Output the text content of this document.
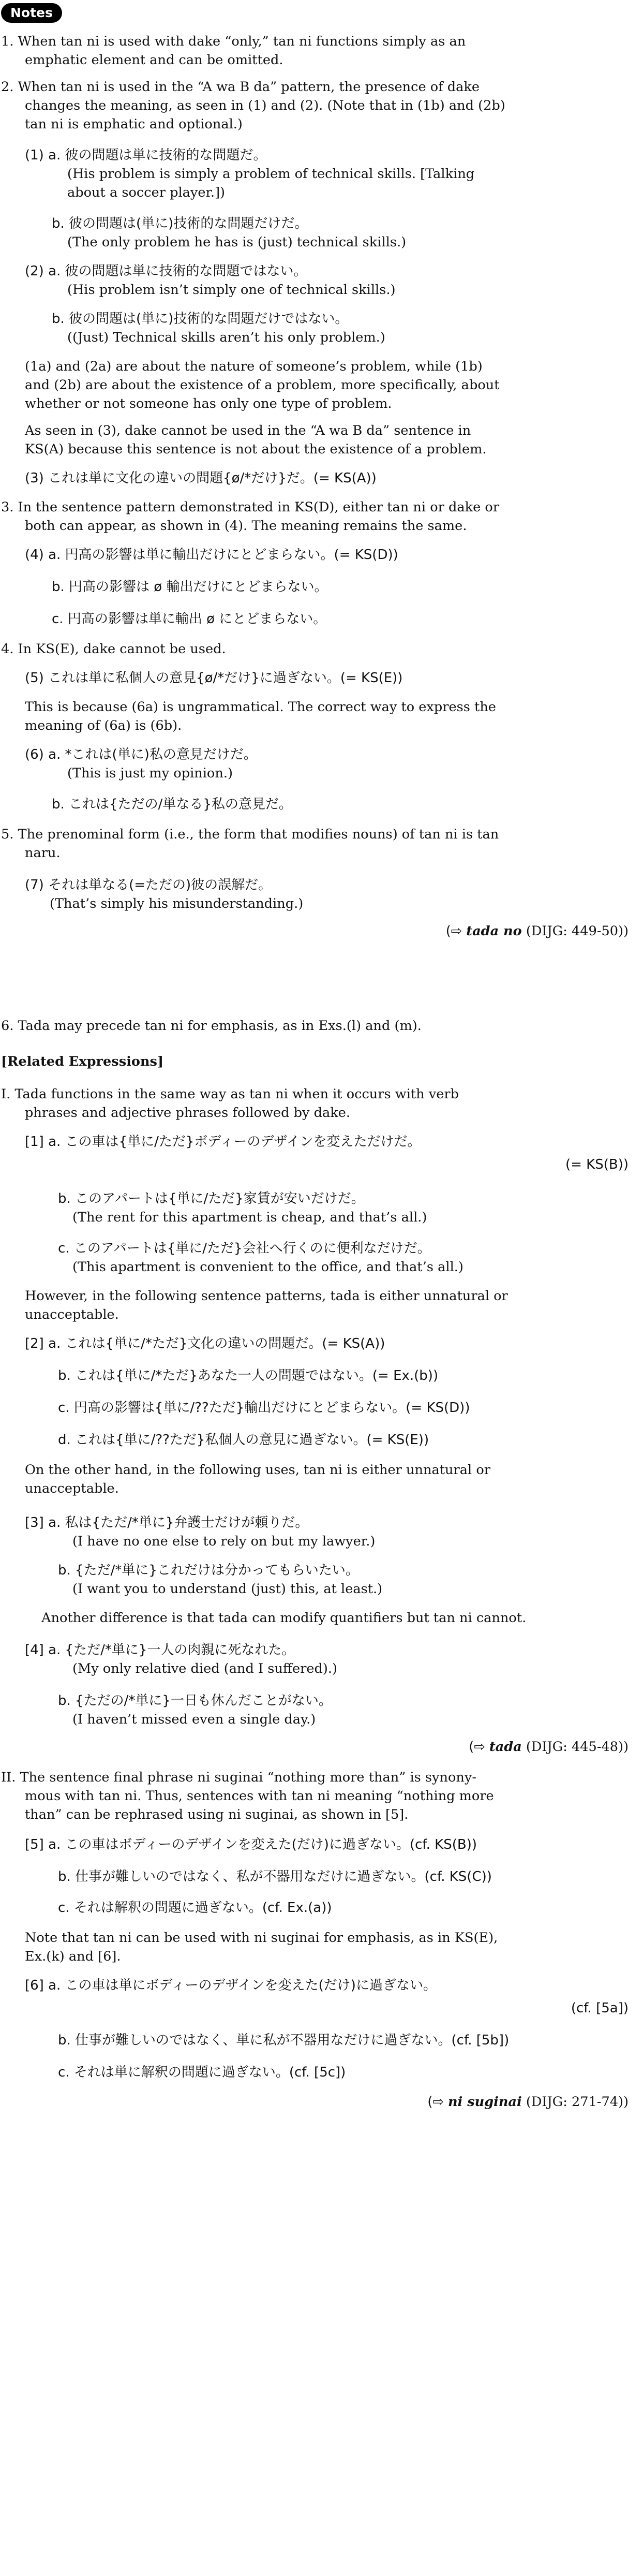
Notes
1. When tan ni is used with dake “only,” tan ni functions simply as an
emphatic element and can be omitted.
2. When tan ni is used in the “A wa B da” pattern, the presence of dake
changes the meaning, as seen in (1) and (2). (Note that in (1b) and (2b)
tan ni is emphatic and optional.)
(1) a. 彼の問題は単に技術的な問題だ。
(His problem is simply a problem of technical skills. [Talking
about a soccer player.])
b. 彼の問題は(単に)技術的な問題だけだ。
(The only problem he has is (just) technical skills.)
(2) a. 彼の問題は単に技術的な問題ではない。
(His problem isn’t simply one of technical skills.)
b. 彼の問題は(単に)技術的な問題だけではない。
((Just) Technical skills aren’t his only problem.)
(1a) and (2a) are about the nature of someone’s problem, while (1b)
and (2b) are about the existence of a problem, more specifically, about
whether or not someone has only one type of problem.
As seen in (3), dake cannot be used in the “A wa B da” sentence in
KS(A) because this sentence is not about the existence of a problem.
(3) これは単に文化の違いの問題{ø/*だけ}だ。(= KS(A))
3. In the sentence pattern demonstrated in KS(D), either tan ni or dake or
both can appear, as shown in (4). The meaning remains the same.
(4) a. 円高の影響は単に輸出だけにとどまらない。(= KS(D))
b. 円高の影響は ø 輸出だけにとどまらない。
c. 円高の影響は単に輸出 ø にとどまらない。
4. In KS(E), dake cannot be used.
(5) これは単に私個人の意見{ø/*だけ}に過ぎない。(= KS(E))
This is because (6a) is ungrammatical. The correct way to express the
meaning of (6a) is (6b).
(6) a. *これは(単に)私の意見だけだ。
(This is just my opinion.)
b. これは{ただの/単なる}私の意見だ。
5. The prenominal form (i.e., the form that modifies nouns) of tan ni is tan
naru.
(7) それは単なる(=ただの)彼の誤解だ。
(That’s simply his misunderstanding.)
6. Tada may precede tan ni for emphasis, as in Exs.(l) and (m).
I. Tada functions in the same way as tan ni when it occurs with verb
phrases and adjective phrases followed by dake.
[1] a. この車は{単に/ただ}ボディーのデザインを変えただけだ。
(= KS(B))
b. このアパートは{単に/ただ}家賃が安いだけだ。
(The rent for this apartment is cheap, and that’s all.)
c. このアパートは{単に/ただ}会社へ行くのに便利なだけだ。
(This apartment is convenient to the office, and that’s all.)
However, in the following sentence patterns, tada is either unnatural or
unacceptable.
[2] a. これは{単に/*ただ}文化の違いの問題だ。(= KS(A))
b. これは{単に/*ただ}あなた一人の問題ではない。(= Ex.(b))
c. 円高の影響は{単に/??ただ}輸出だけにとどまらない。(= KS(D))
d. これは{単に/??ただ}私個人の意見に過ぎない。(= KS(E))
On the other hand, in the following uses, tan ni is either unnatural or
unacceptable.
[3] a. 私は{ただ/*単に}弁護士だけが頼りだ。
(I have no one else to rely on but my lawyer.)
b. {ただ/*単に}これだけは分かってもらいたい。
(I want you to understand (just) this, at least.)
Another difference is that tada can modify quantifiers but tan ni cannot.
[4] a. {ただ/*単に}一人の肉親に死なれた。
(My only relative died (and I suffered).)
b. {ただの/*単に}一日も休んだことがない。
(I haven’t missed even a single day.)
II. The sentence final phrase ni suginai “nothing more than” is synony-
mous with tan ni. Thus, sentences with tan ni meaning “nothing more
than” can be rephrased using ni suginai, as shown in [5].
[5] a. この車はボディーのデザインを変えた(だけ)に過ぎない。(cf. KS(B))
b. 仕事が難しいのではなく、私が不器用なだけに過ぎない。(cf. KS(C))
c. それは解釈の問題に過ぎない。(cf. Ex.(a))
Note that tan ni can be used with ni suginai for emphasis, as in KS(E),
Ex.(k) and [6].
[6] a. この車は単にボディーのデザインを変えた(だけ)に過ぎない。
(cf. [5a])
b. 仕事が難しいのではなく、単に私が不器用なだけに過ぎない。(cf. [5b])
c. それは単に解釈の問題に過ぎない。(cf. [5c])
[Related Expressions]
(⇨ tada no (DIJG: 449-50))
(⇨ tada (DIJG: 445-48))
(⇨ ni suginai (DIJG: 271-74))
